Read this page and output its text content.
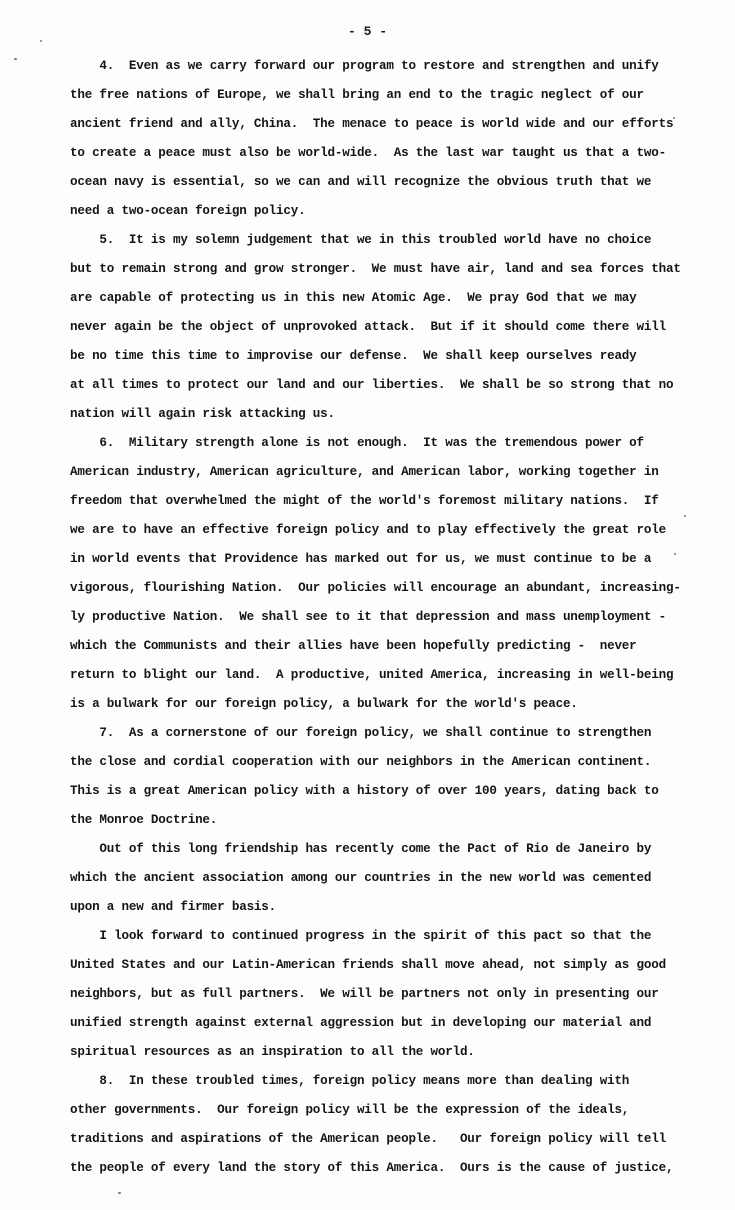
- 5 -
4.  Even as we carry forward our program to restore and strengthen and unify
the free nations of Europe, we shall bring an end to the tragic neglect of our
ancient friend and ally, China.  The menace to peace is world wide and our efforts
to create a peace must also be world-wide.  As the last war taught us that a two-
ocean navy is essential, so we can and will recognize the obvious truth that we
need a two-ocean foreign policy.
5.  It is my solemn judgement that we in this troubled world have no choice
but to remain strong and grow stronger.  We must have air, land and sea forces that
are capable of protecting us in this new Atomic Age.  We pray God that we may
never again be the object of unprovoked attack.  But if it should come there will
be no time this time to improvise our defense.  We shall keep ourselves ready
at all times to protect our land and our liberties.  We shall be so strong that no
nation will again risk attacking us.
6.  Military strength alone is not enough.  It was the tremendous power of
American industry, American agriculture, and American labor, working together in
freedom that overwhelmed the might of the world's foremost military nations.  If
we are to have an effective foreign policy and to play effectively the great role
in world events that Providence has marked out for us, we must continue to be a
vigorous, flourishing Nation.  Our policies will encourage an abundant, increasing-
ly productive Nation.  We shall see to it that depression and mass unemployment -
which the Communists and their allies have been hopefully predicting -  never
return to blight our land.  A productive, united America, increasing in well-being
is a bulwark for our foreign policy, a bulwark for the world's peace.
7.  As a cornerstone of our foreign policy, we shall continue to strengthen
the close and cordial cooperation with our neighbors in the American continent.
This is a great American policy with a history of over 100 years, dating back to
the Monroe Doctrine.
Out of this long friendship has recently come the Pact of Rio de Janeiro by
which the ancient association among our countries in the new world was cemented
upon a new and firmer basis.
I look forward to continued progress in the spirit of this pact so that the
United States and our Latin-American friends shall move ahead, not simply as good
neighbors, but as full partners.  We will be partners not only in presenting our
unified strength against external aggression but in developing our material and
spiritual resources as an inspiration to all the world.
8.  In these troubled times, foreign policy means more than dealing with
other governments.  Our foreign policy will be the expression of the ideals,
traditions and aspirations of the American people.   Our foreign policy will tell
the people of every land the story of this America.  Ours is the cause of justice,
